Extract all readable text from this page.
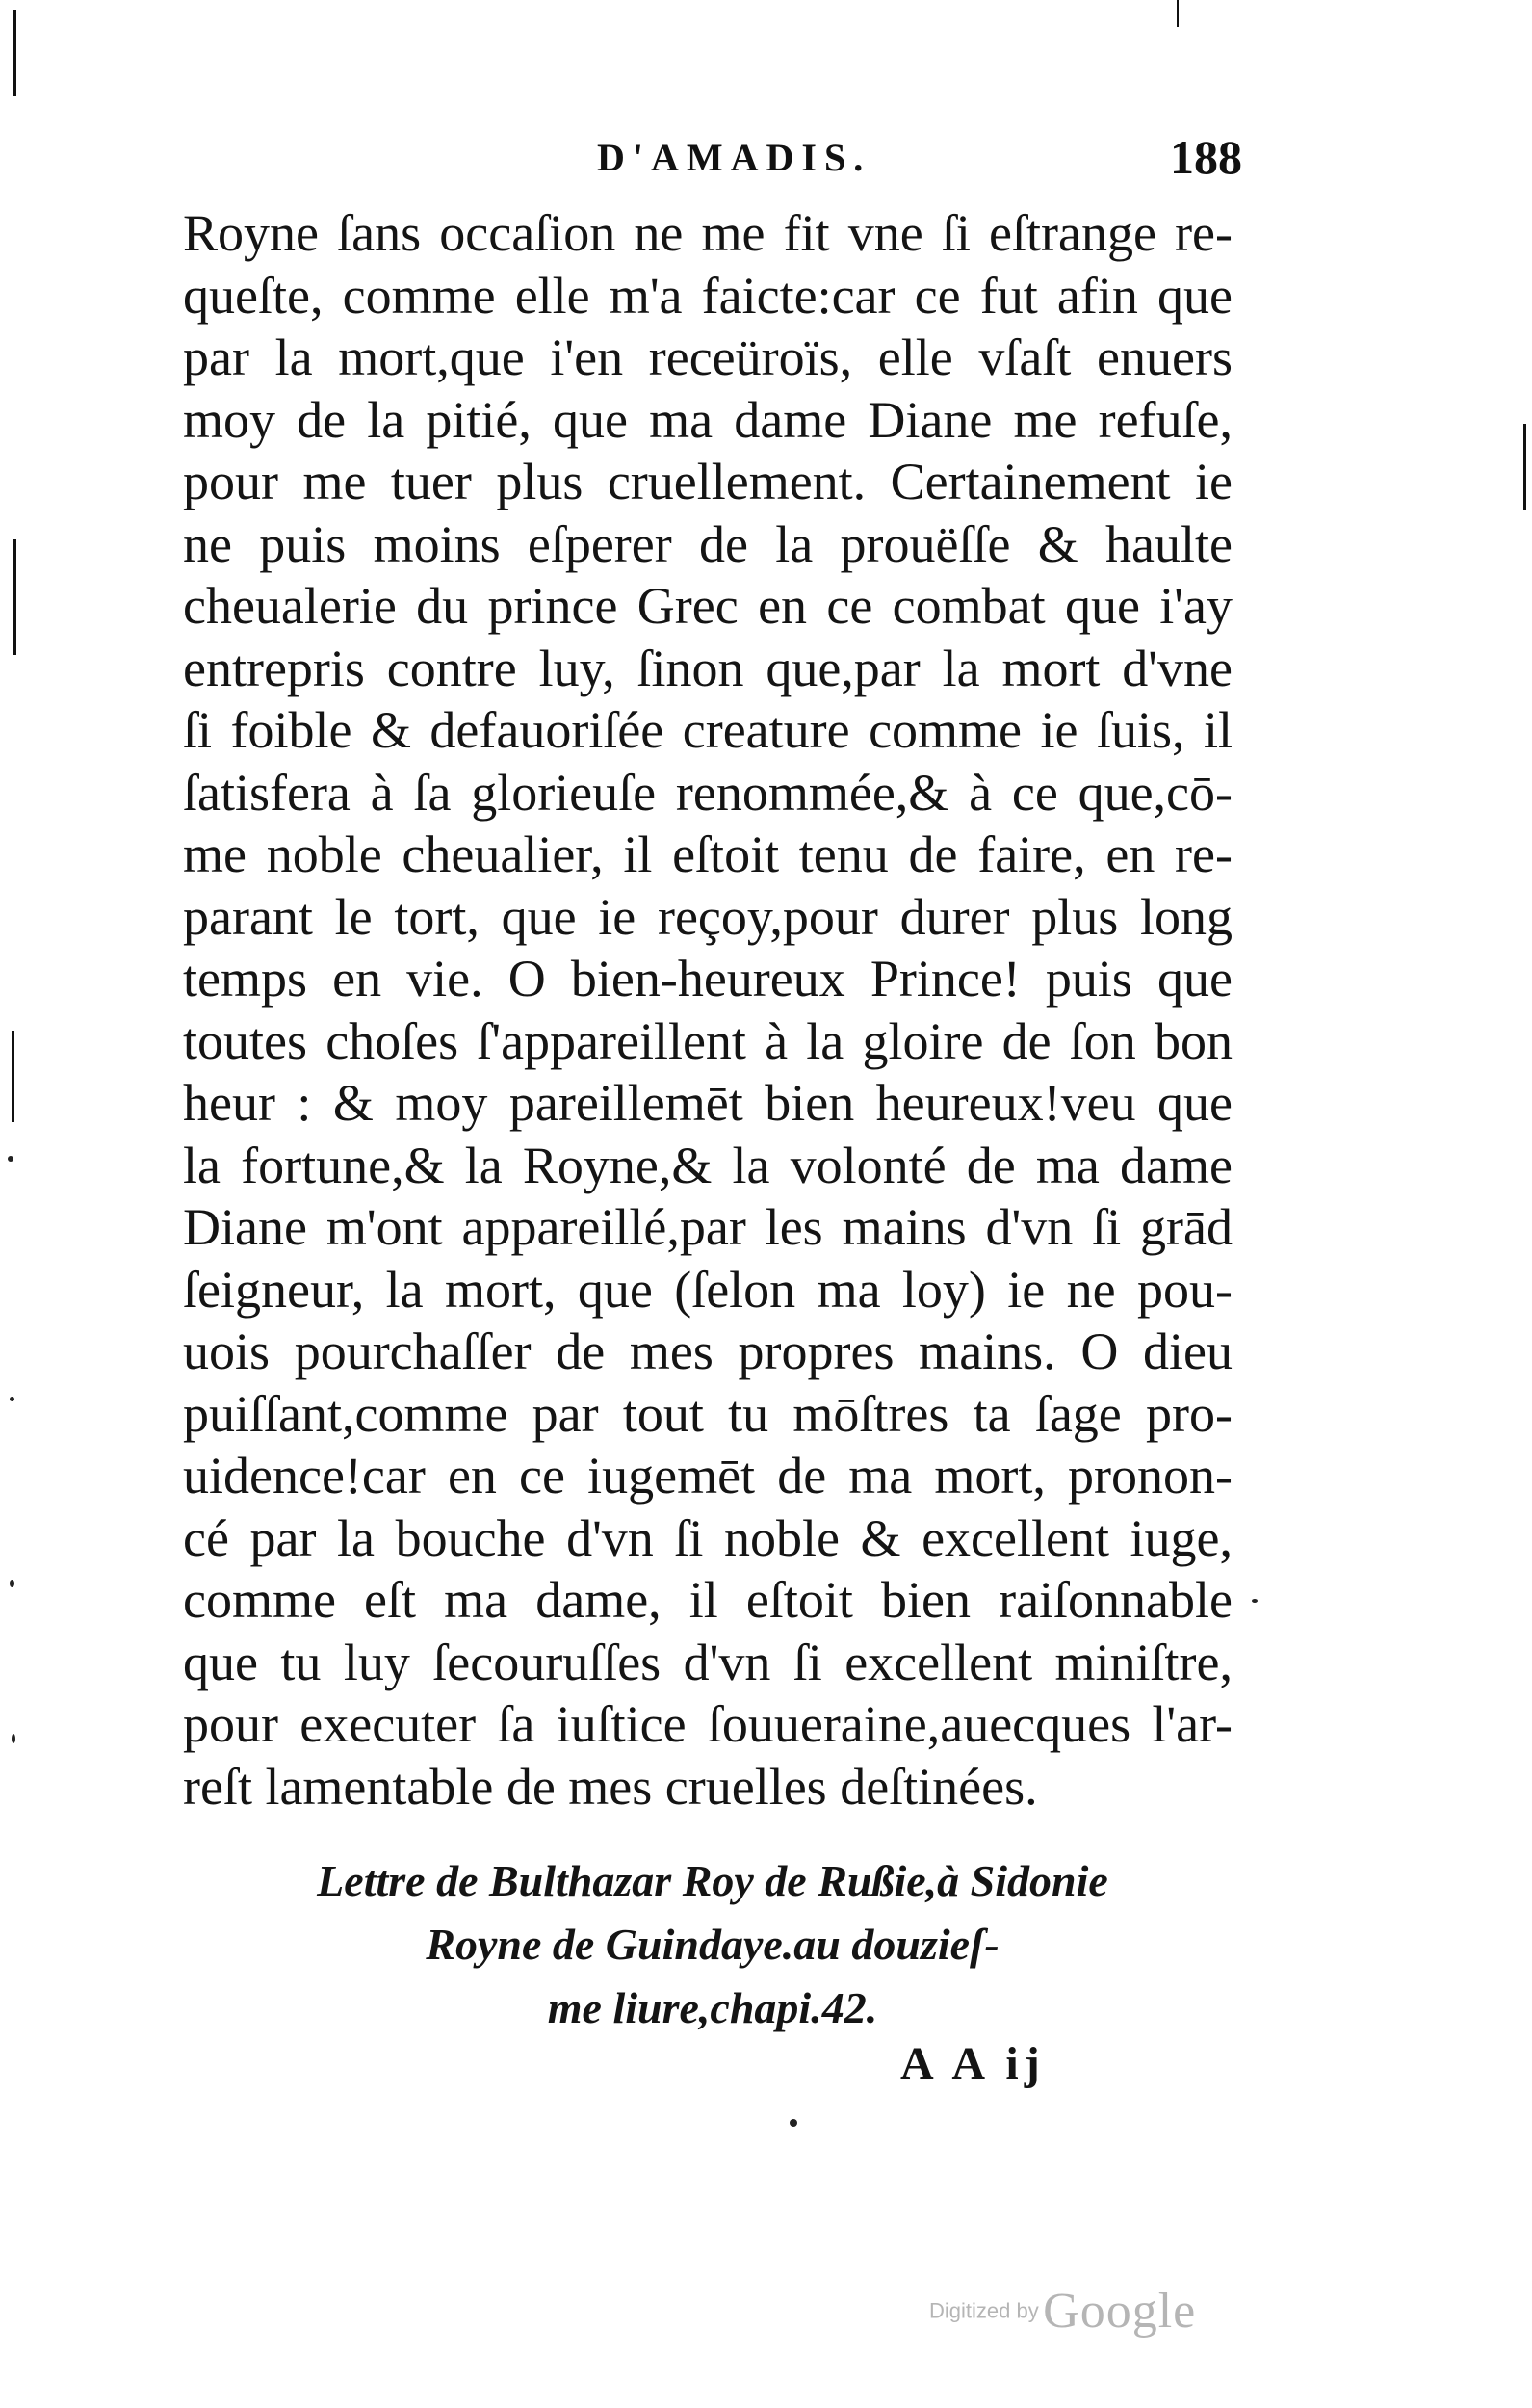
D'AMADIS.	188
Royne ſans occaſion ne me fit vne ſi eſtrange re-
queſte, comme elle m'a faicte:car ce fut afin que
par la mort,que i'en receüroïs, elle vſaſt enuers
moy de la pitié, que ma dame Diane me refuſe,
pour me tuer plus cruellement. Certainement ie
ne puis moins eſperer de la prouëſſe & haulte
cheualerie du prince Grec en ce combat que i'ay
entrepris contre luy, ſinon que,par la mort d'vne
ſi foible & defauoriſée creature comme ie ſuis, il
ſatisfera à ſa glorieuſe renommée,& à ce que,cō-
me noble cheualier, il eſtoit tenu de faire, en re-
parant le tort, que ie reçoy,pour durer plus long
temps en vie. O bien-heureux Prince! puis que
toutes choſes ſ'appareillent à la gloire de ſon bon
heur : & moy pareillemēt bien heureux!veu que
la fortune,& la Royne,& la volonté de ma dame
Diane m'ont appareillé,par les mains d'vn ſi grād
ſeigneur, la mort, que (ſelon ma loy) ie ne pou-
uois pourchaſſer de mes propres mains. O dieu
puiſſant,comme par tout tu mōſtres ta ſage pro-
uidence!car en ce iugemēt de ma mort, pronon-
cé par la bouche d'vn ſi noble & excellent iuge,
comme eſt ma dame, il eſtoit bien raiſonnable
que tu luy ſecouruſſes d'vn ſi excellent miniſtre,
pour executer ſa iuſtice ſouueraine,auecques l'ar-
reſt lamentable de mes cruelles deſtinées.
Lettre de Bulthazar Roy de Rußie,à Sidonie
Royne de Guindaye.au douzieſ-
me liure,chapi.42.
A A ij
Digitized by Google
